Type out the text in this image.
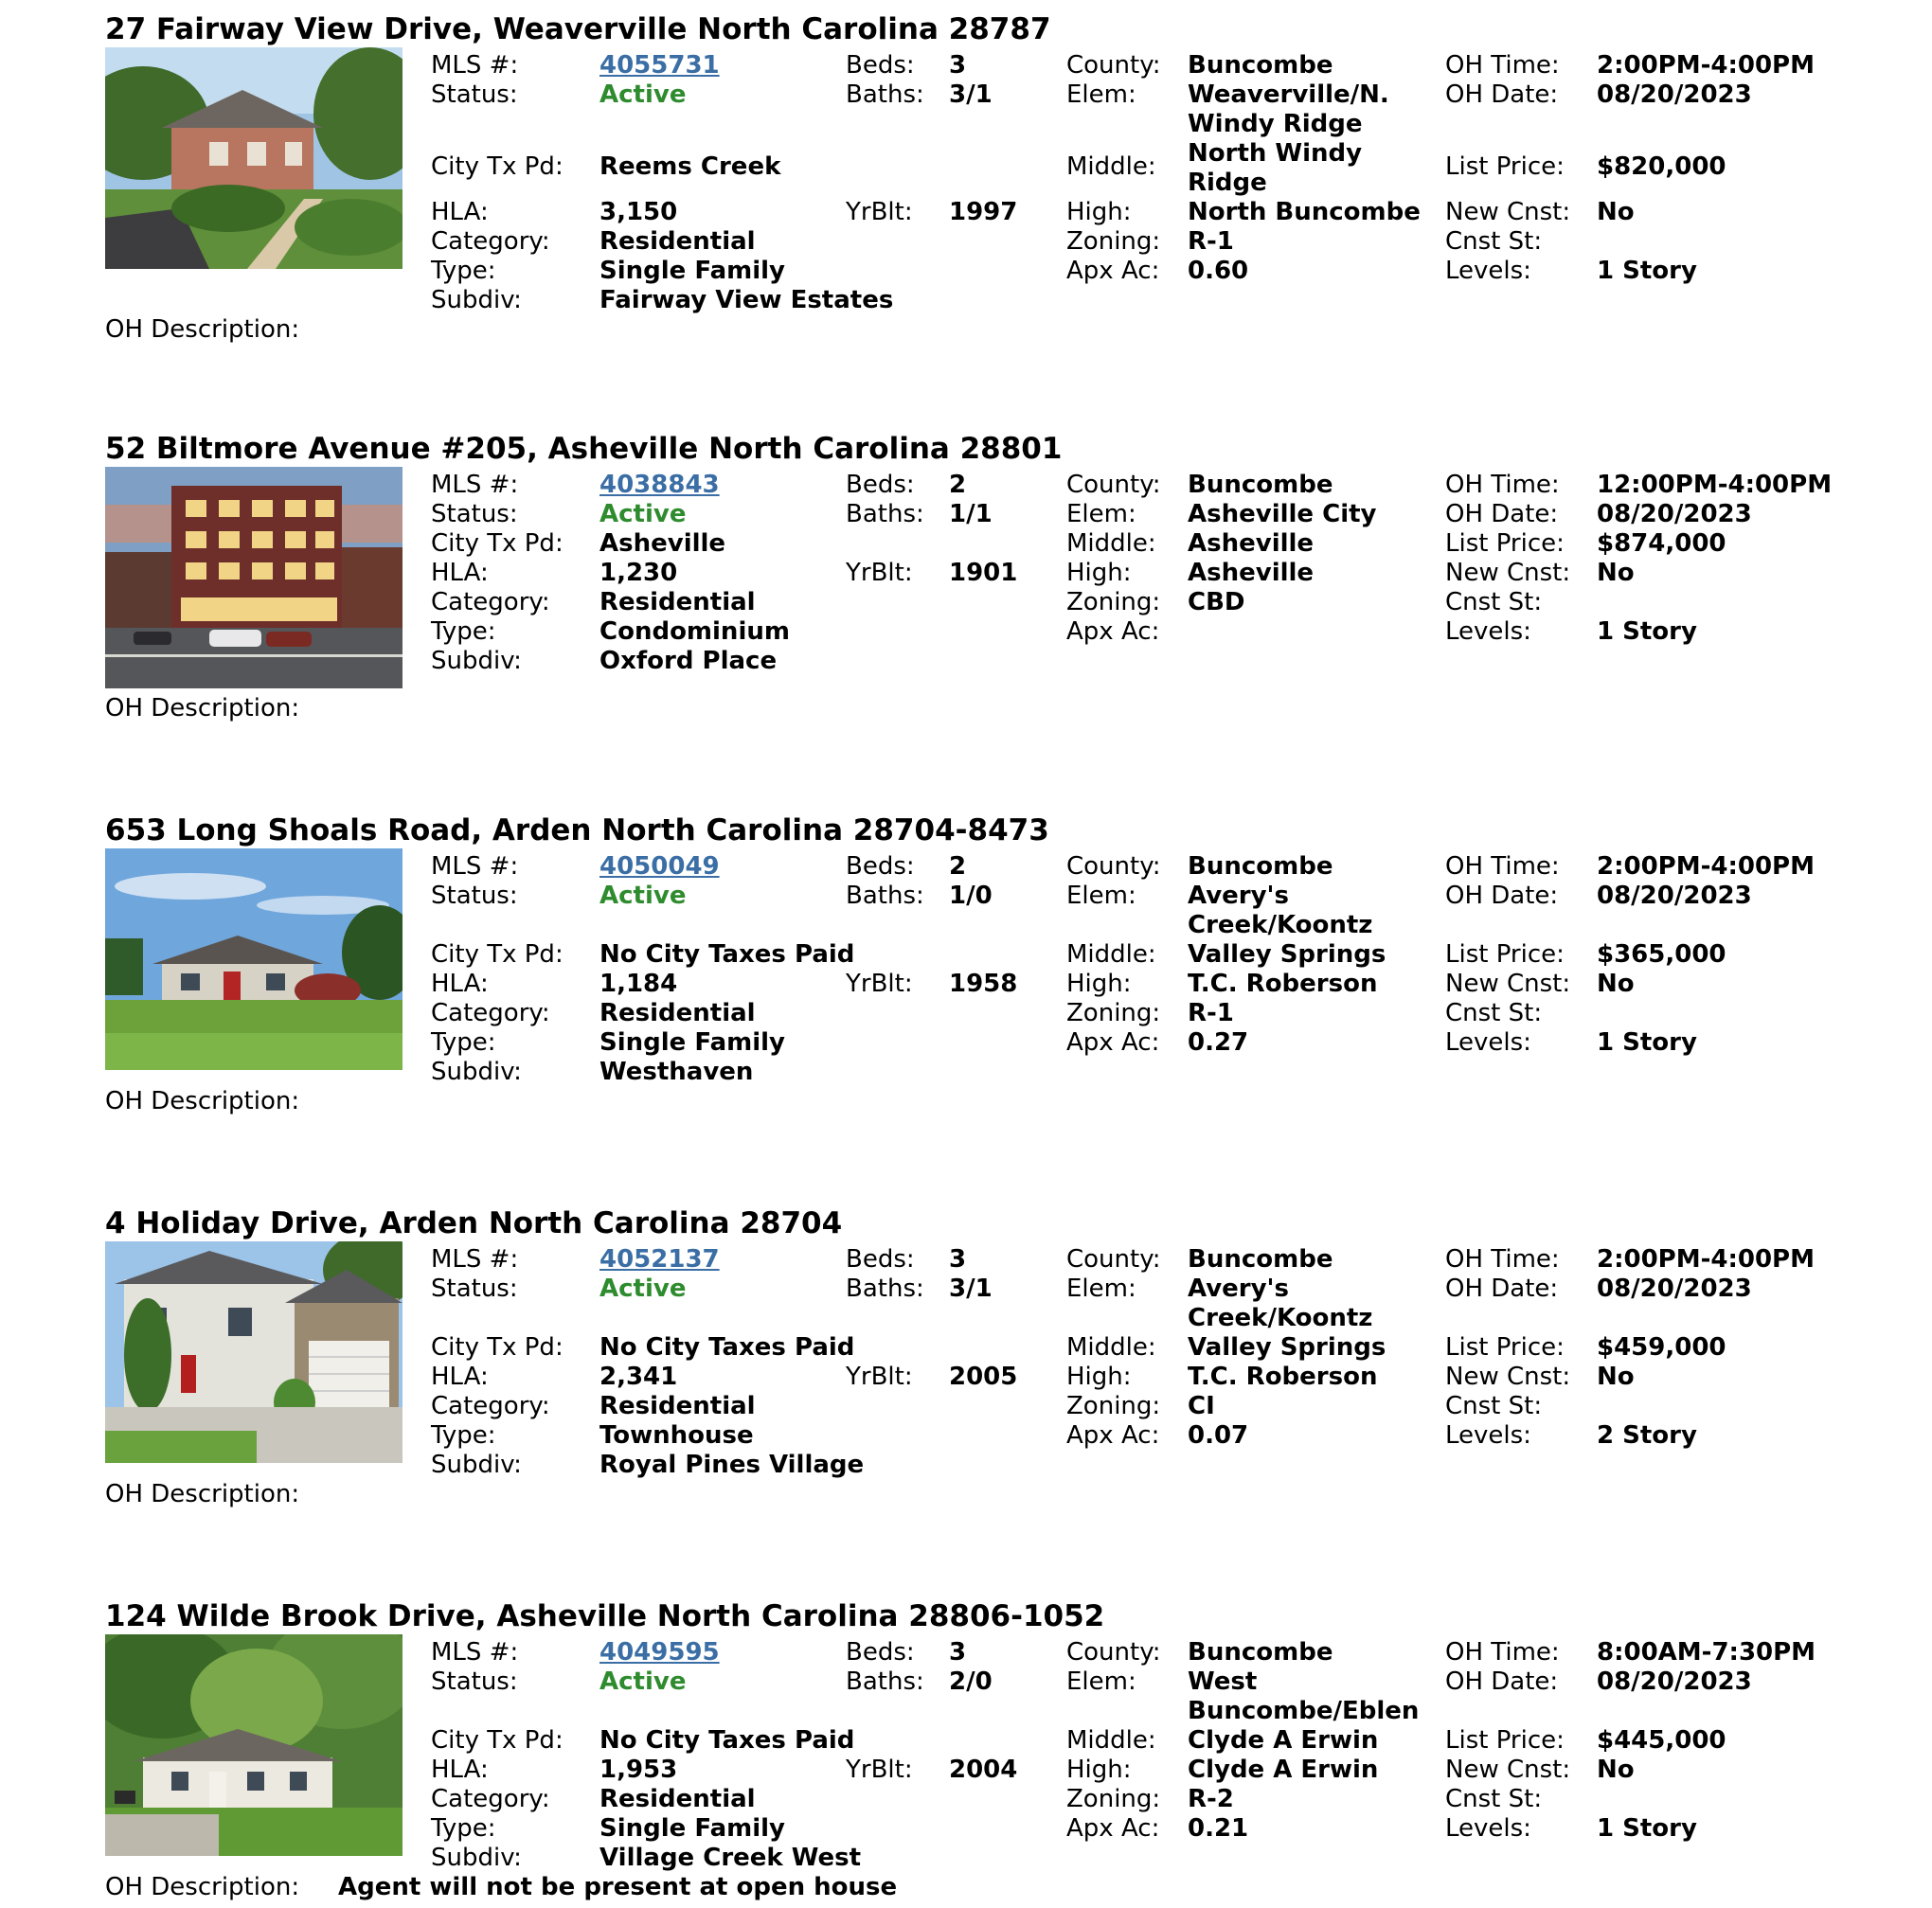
27 Fairway View Drive, Weaverville North Carolina 28787
MLS #:	4055731
Status:	Active
City Tx Pd: Reems Creek
HLA:	3,150
Category: Residential
Type:	Single Family
Subdiv:	Fairway View Estates
Beds: 3
Baths: 3/1
YrBlt: 1997
County: Buncombe
Elem: Weaverville/N.
Windy Ridge
Middle: North Windy
Ridge
High: North Buncombe
Zoning: R-1
Apx Ac: 0.60
OH Time: 2:00PM-4:00PM
OH Date: 08/20/2023
List Price: $820,000
New Cnst: No
Cnst St:
Levels:	1 Story
OH Description:
52 Biltmore Avenue #205, Asheville North Carolina 28801
MLS #:	4038843
Status:	Active
City Tx Pd: Asheville
HLA:	1,230
Category: Residential
Type:	Condominium
Subdiv:	Oxford Place
Beds: 2
Baths: 1/1
YrBlt: 1901
County: Buncombe
Elem: Asheville City
Middle: Asheville
High: Asheville
Zoning: CBD
Apx Ac:
OH Time: 12:00PM-4:00PM
OH Date: 08/20/2023
List Price: $874,000
New Cnst: No
Cnst St:
Levels:	1 Story
OH Description:
653 Long Shoals Road, Arden North Carolina 28704-8473
MLS #:	4050049
Status:	Active
City Tx Pd: No City Taxes Paid
HLA:	1,184
Category: Residential
Type:	Single Family
Subdiv:	Westhaven
Beds: 2
Baths: 1/0
YrBlt: 1958
County: Buncombe
Elem: Avery's
Creek/Koontz
Middle: Valley Springs
High: T.C. Roberson
Zoning: R-1
Apx Ac: 0.27
OH Time: 2:00PM-4:00PM
OH Date: 08/20/2023
List Price: $365,000
New Cnst: No
Cnst St:
Levels:	1 Story
OH Description:
4 Holiday Drive, Arden North Carolina 28704
MLS #:	4052137
Status:	Active
City Tx Pd: No City Taxes Paid
HLA:	2,341
Category: Residential
Type:	Townhouse
Subdiv:	Royal Pines Village
Beds: 3
Baths: 3/1
YrBlt: 2005
County: Buncombe
Elem: Avery's
Creek/Koontz
Middle: Valley Springs
High: T.C. Roberson
Zoning: CI
Apx Ac: 0.07
OH Time: 2:00PM-4:00PM
OH Date: 08/20/2023
List Price: $459,000
New Cnst: No
Cnst St:
Levels:	2 Story
OH Description:
124 Wilde Brook Drive, Asheville North Carolina 28806-1052
MLS #:	4049595
Status:	Active
City Tx Pd: No City Taxes Paid
HLA:	1,953
Category: Residential
Type:	Single Family
Subdiv:	Village Creek West
Beds: 3
Baths: 2/0
YrBlt: 2004
County: Buncombe
Elem: West
Buncombe/Eblen
Middle: Clyde A Erwin
High: Clyde A Erwin
Zoning: R-2
Apx Ac: 0.21
OH Time: 8:00AM-7:30PM
OH Date: 08/20/2023
List Price: $445,000
New Cnst: No
Cnst St:
Levels:	1 Story
OH Description: Agent will not be present at open house
